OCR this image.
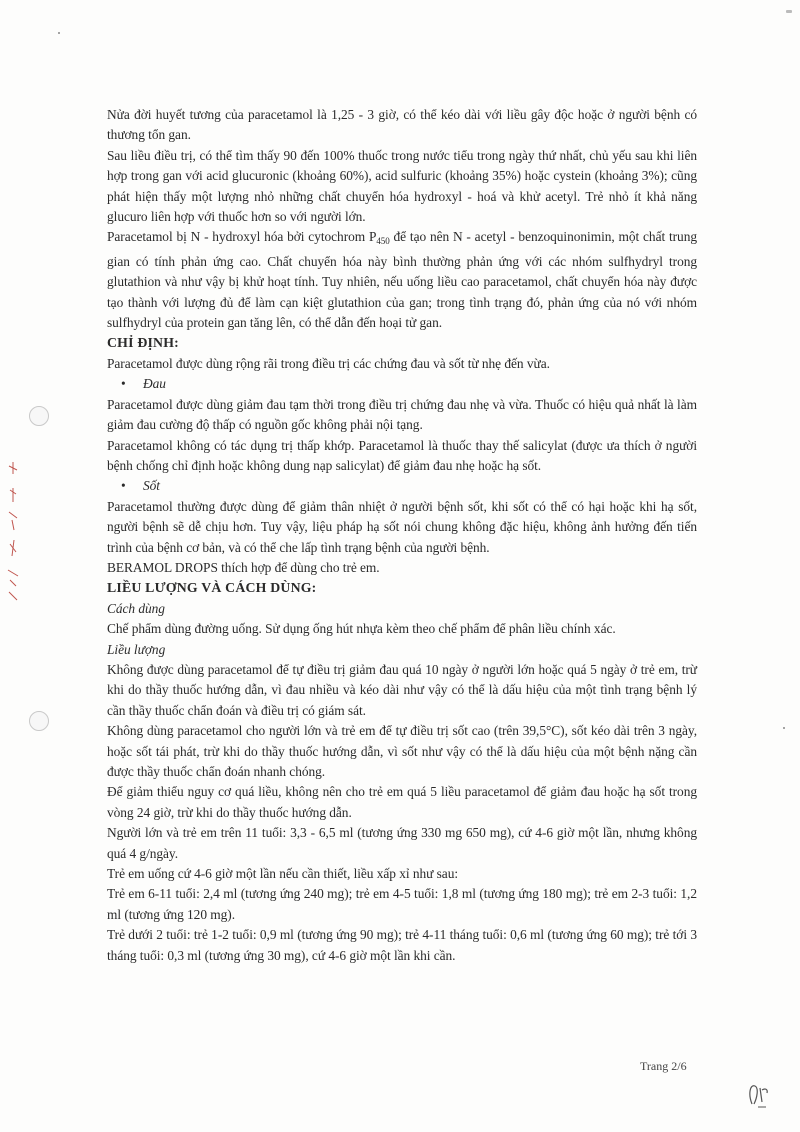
Nửa đời huyết tương của paracetamol là 1,25 - 3 giờ, có thể kéo dài với liều gây độc hoặc ở người bệnh có thương tổn gan.

Sau liều điều trị, có thể tìm thấy 90 đến 100% thuốc trong nước tiểu trong ngày thứ nhất, chủ yếu sau khi liên hợp trong gan với acid glucuronic (khoảng 60%), acid sulfuric (khoảng 35%) hoặc cystein (khoảng 3%); cũng phát hiện thấy một lượng nhỏ những chất chuyển hóa hydroxyl - hoá và khử acetyl. Trẻ nhỏ ít khả năng glucuro liên hợp với thuốc hơn so với người lớn.

Paracetamol bị N - hydroxyl hóa bởi cytochrom $P_{450}$ để tạo nên N - acetyl - benzoquinonimin, một chất trung gian có tính phản ứng cao. Chất chuyển hóa này bình thường phản ứng với các nhóm sulfhydryl trong glutathion và như vậy bị khử hoạt tính. Tuy nhiên, nếu uống liều cao paracetamol, chất chuyển hóa này được tạo thành với lượng đủ để làm cạn kiệt glutathion của gan; trong tình trạng đó, phản ứng của nó với nhóm sulfhydryl của protein gan tăng lên, có thể dẫn đến hoại tử gan.

CHỈ ĐỊNH:

Paracetamol được dùng rộng rãi trong điều trị các chứng đau và sốt từ nhẹ đến vừa.

• Đau

Paracetamol được dùng giảm đau tạm thời trong điều trị chứng đau nhẹ và vừa. Thuốc có hiệu quả nhất là làm giảm đau cường độ thấp có nguồn gốc không phải nội tạng.

Paracetamol không có tác dụng trị thấp khớp. Paracetamol là thuốc thay thế salicylat (được ưa thích ở người bệnh chống chỉ định hoặc không dung nạp salicylat) để giảm đau nhẹ hoặc hạ sốt.

• Sốt

Paracetamol thường được dùng để giảm thân nhiệt ở người bệnh sốt, khi sốt có thể có hại hoặc khi hạ sốt, người bệnh sẽ dễ chịu hơn. Tuy vậy, liệu pháp hạ sốt nói chung không đặc hiệu, không ảnh hưởng đến tiến trình của bệnh cơ bản, và có thể che lấp tình trạng bệnh của người bệnh.

BERAMOL DROPS thích hợp để dùng cho trẻ em.

LIỀU LƯỢNG VÀ CÁCH DÙNG:

Cách dùng

Chế phẩm dùng đường uống. Sử dụng ống hút nhựa kèm theo chế phẩm để phân liều chính xác.

Liều lượng

Không được dùng paracetamol để tự điều trị giảm đau quá 10 ngày ở người lớn hoặc quá 5 ngày ở trẻ em, trừ khi do thầy thuốc hướng dẫn, vì đau nhiều và kéo dài như vậy có thể là dấu hiệu của một tình trạng bệnh lý cần thầy thuốc chẩn đoán và điều trị có giám sát.

Không dùng paracetamol cho người lớn và trẻ em để tự điều trị sốt cao (trên 39,5°C), sốt kéo dài trên 3 ngày, hoặc sốt tái phát, trừ khi do thầy thuốc hướng dẫn, vì sốt như vậy có thể là dấu hiệu của một bệnh nặng cần được thầy thuốc chẩn đoán nhanh chóng.

Để giảm thiểu nguy cơ quá liều, không nên cho trẻ em quá 5 liều paracetamol để giảm đau hoặc hạ sốt trong vòng 24 giờ, trừ khi do thầy thuốc hướng dẫn.

Người lớn và trẻ em trên 11 tuổi: 3,3 - 6,5 ml (tương ứng 330 mg 650 mg), cứ 4-6 giờ một lần, nhưng không quá 4 g/ngày.

Trẻ em uống cứ 4-6 giờ một lần nếu cần thiết, liều xấp xỉ như sau:

Trẻ em 6-11 tuổi: 2,4 ml (tương ứng 240 mg); trẻ em 4-5 tuổi: 1,8 ml (tương ứng 180 mg); trẻ em 2-3 tuổi: 1,2 ml (tương ứng 120 mg).

Trẻ dưới 2 tuổi: trẻ 1-2 tuổi: 0,9 ml (tương ứng 90 mg); trẻ 4-11 tháng tuổi: 0,6 ml (tương ứng 60 mg); trẻ tới 3 tháng tuổi: 0,3 ml (tương ứng 30 mg), cứ 4-6 giờ một lần khi cần.

Trang 2/6
